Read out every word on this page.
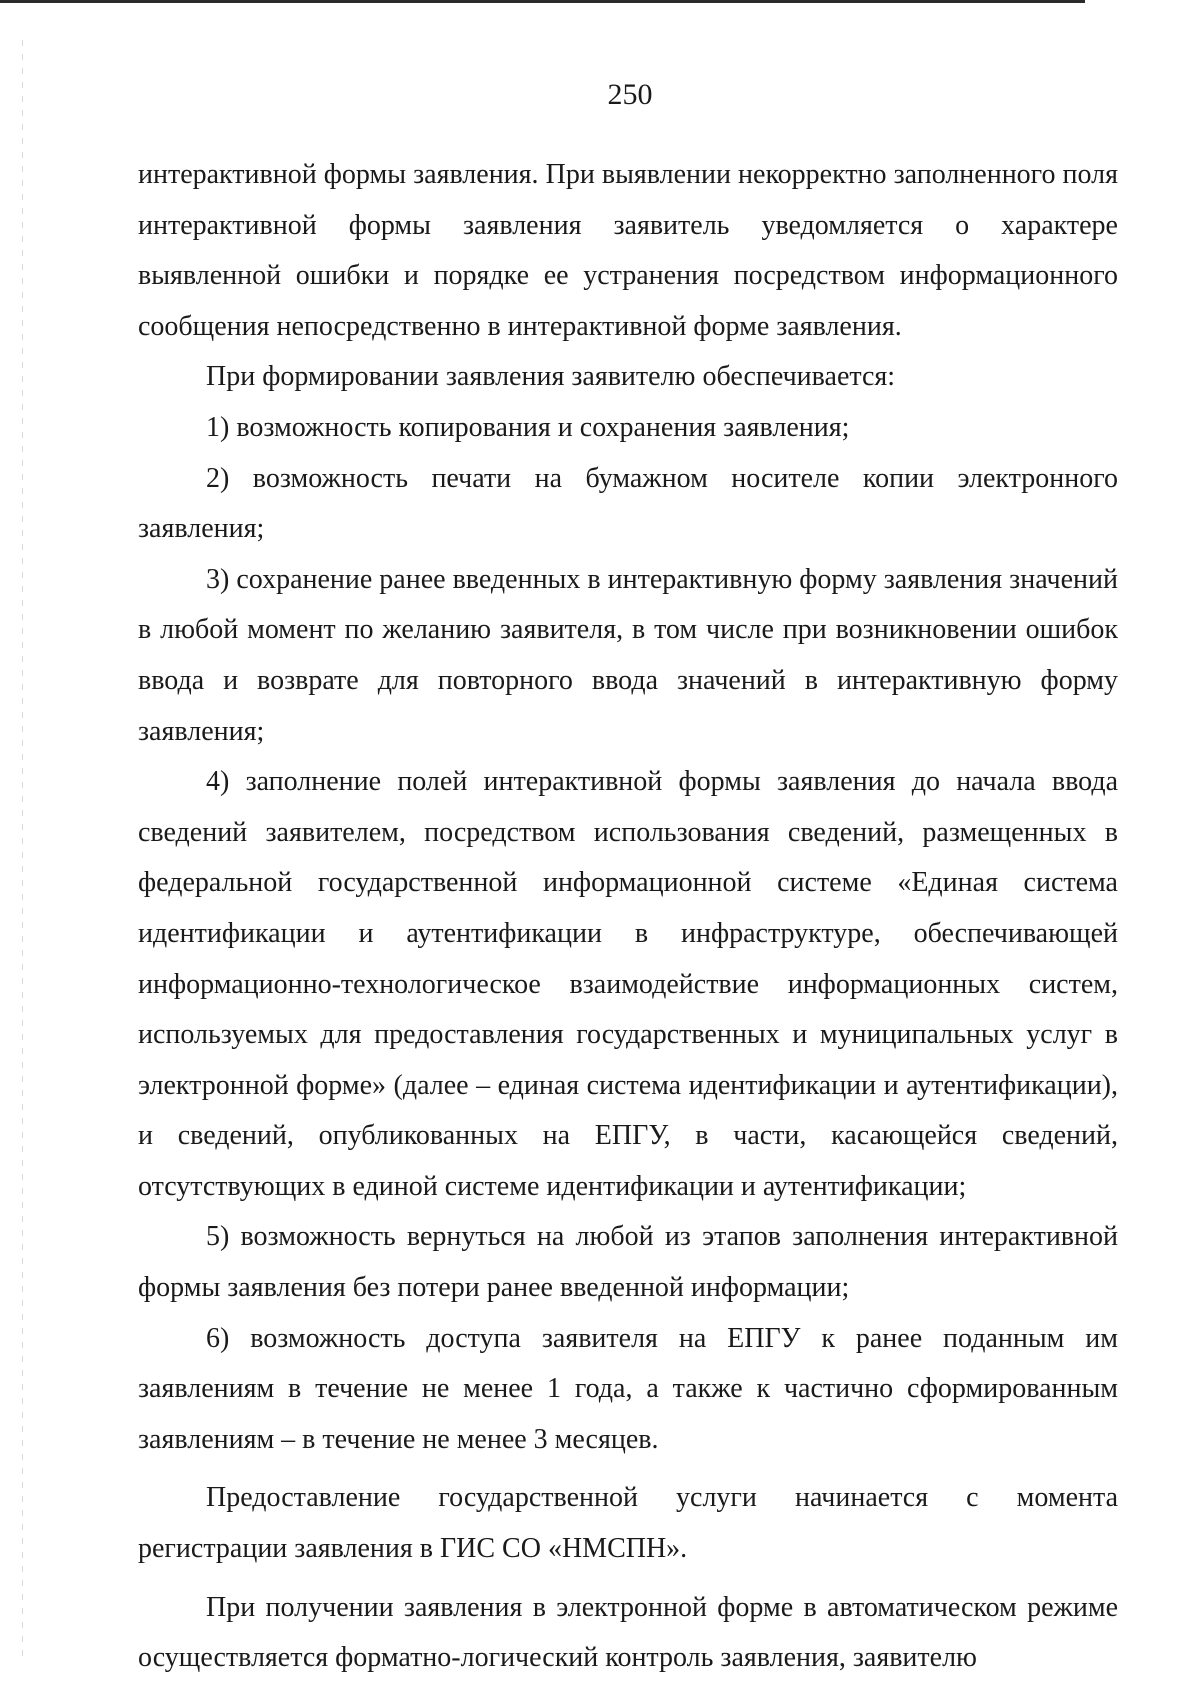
250

интерактивной формы заявления. При выявлении некорректно заполненного поля интерактивной формы заявления заявитель уведомляется о характере выявленной ошибки и порядке ее устранения посредством информационного сообщения непосредственно в интерактивной форме заявления.

При формировании заявления заявителю обеспечивается:

1) возможность копирования и сохранения заявления;

2) возможность печати на бумажном носителе копии электронного заявления;

3) сохранение ранее введенных в интерактивную форму заявления значений в любой момент по желанию заявителя, в том числе при возникновении ошибок ввода и возврате для повторного ввода значений в интерактивную форму заявления;

4) заполнение полей интерактивной формы заявления до начала ввода сведений заявителем, посредством использования сведений, размещенных в федеральной государственной информационной системе «Единая система идентификации и аутентификации в инфраструктуре, обеспечивающей информационно-технологическое взаимодействие информационных систем, используемых для предоставления государственных и муниципальных услуг в электронной форме» (далее – единая система идентификации и аутентификации), и сведений, опубликованных на ЕПГУ, в части, касающейся сведений, отсутствующих в единой системе идентификации и аутентификации;

5) возможность вернуться на любой из этапов заполнения интерактивной формы заявления без потери ранее введенной информации;

6) возможность доступа заявителя на ЕПГУ к ранее поданным им заявлениям в течение не менее 1 года, а также к частично сформированным заявлениям – в течение не менее 3 месяцев.

Предоставление государственной услуги начинается с момента регистрации заявления в ГИС СО «НМСПН».

При получении заявления в электронной форме в автоматическом режиме осуществляется форматно-логический контроль заявления, заявителю
